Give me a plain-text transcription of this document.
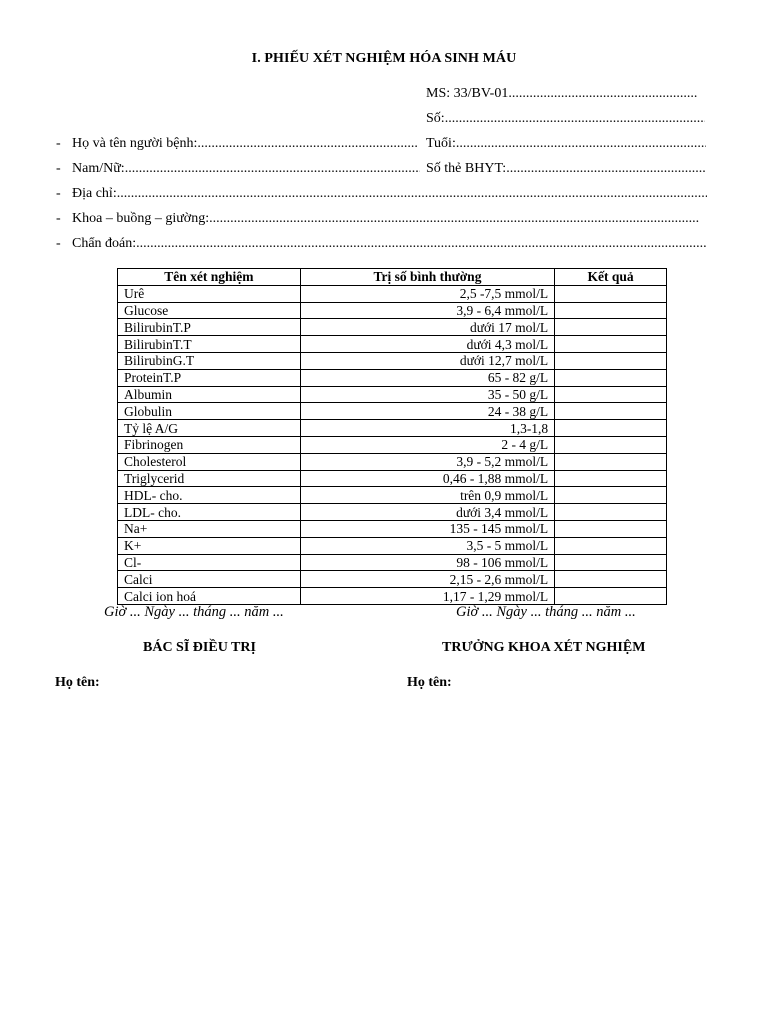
I. PHIẾU XÉT NGHIỆM HÓA SINH MÁU
MS: 33/BV-01.....
Số:.....
- Họ và tên người bệnh: .....	Tuổi:.....
- Nam/Nữ: .....	Số thẻ BHYT:.....
- Địa chỉ:.....
- Khoa – buồng – giường:.....
- Chẩn đoán:.....
Tên xét nghiệm	Trị số bình thường	Kết quả
Urê	2,5 -7,5 mmol/L	
Glucose	3,9 - 6,4 mmol/L	
BilirubinT.P	dưới 17 mol/L	
BilirubinT.T	dưới 4,3 mol/L	
BilirubinG.T	dưới 12,7 mol/L	
ProteinT.P	65 - 82 g/L	
Albumin	35 - 50 g/L	
Globulin	24 - 38 g/L	
Tỷ lệ A/G	1,3-1,8	
Fibrinogen	2 - 4 g/L	
Cholesterol	3,9 - 5,2 mmol/L	
Triglycerid	0,46 - 1,88 mmol/L	
HDL- cho.	trên 0,9 mmol/L	
LDL- cho.	dưới 3,4 mmol/L	
Na+	135 - 145 mmol/L	
K+	3,5 - 5 mmol/L	
Cl-	98 - 106 mmol/L	
Calci	2,15 - 2,6 mmol/L	
Calci ion hoá	1,17 - 1,29 mmol/L	
Giờ ... Ngày ... tháng ... năm ...	Giờ ... Ngày ... tháng ... năm ...
BÁC SĨ ĐIỀU TRỊ	TRƯỞNG KHOA XÉT NGHIỆM
Họ tên:	Họ tên:
